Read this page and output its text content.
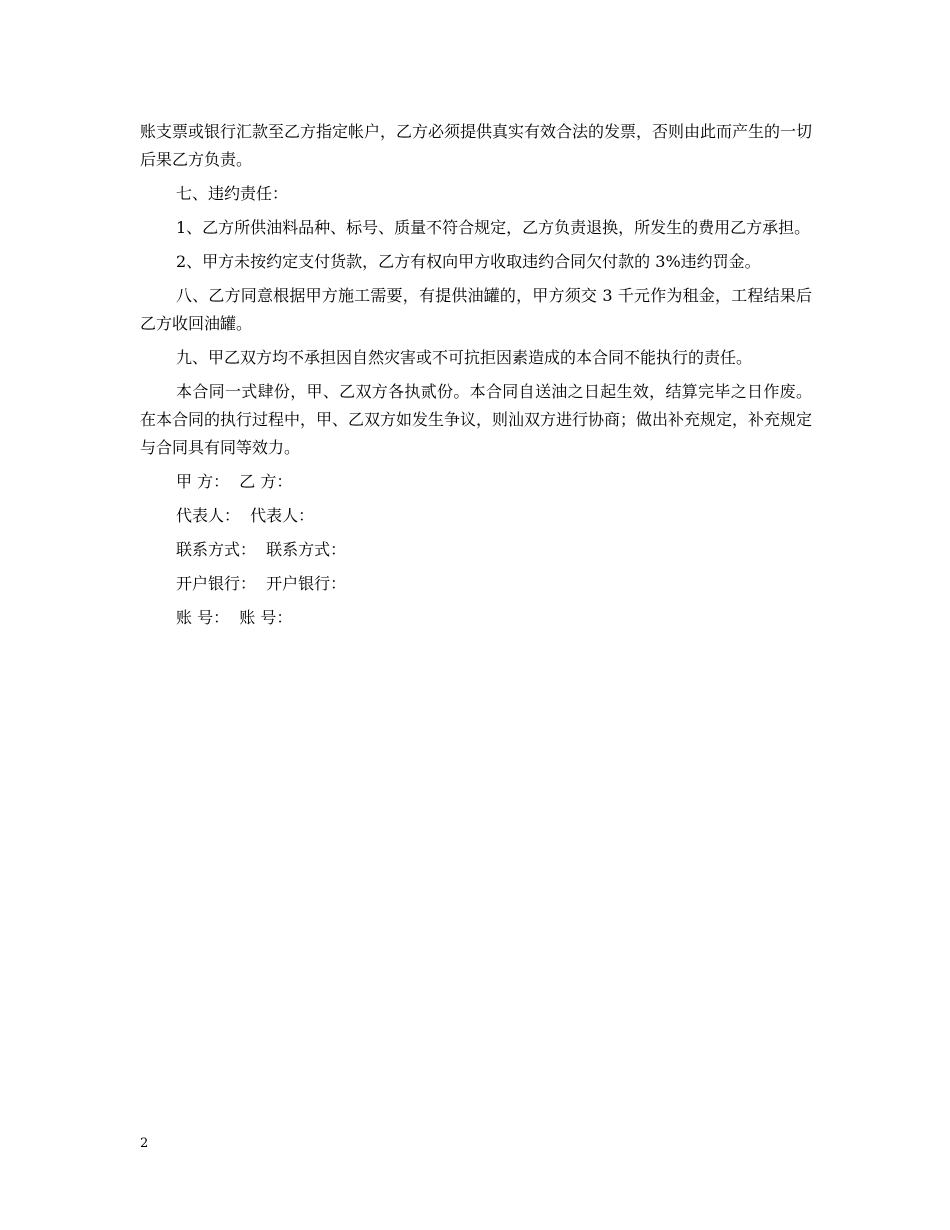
账支票或银行汇款至乙方指定帐户，乙方必须提供真实有效合法的发票，否则由此而产生的一切后果乙方负责。

七、违约责任：

1、乙方所供油料品种、标号、质量不符合规定，乙方负责退换，所发生的费用乙方承担。

2、甲方未按约定支付货款，乙方有权向甲方收取违约合同欠付款的 3%违约罚金。

八、乙方同意根据甲方施工需要，有提供油罐的，甲方须交 3 千元作为租金，工程结果后乙方收回油罐。

九、甲乙双方均不承担因自然灾害或不可抗拒因素造成的本合同不能执行的责任。

本合同一式肆份，甲、乙双方各执贰份。本合同自送油之日起生效，结算完毕之日作废。在本合同的执行过程中，甲、乙双方如发生争议，则汕双方进行协商；做出补充规定，补充规定与合同具有同等效力。

甲 方：  乙 方：
代表人：  代表人：
联系方式：  联系方式：
开户银行：  开户银行：
账 号：  账 号：
2
